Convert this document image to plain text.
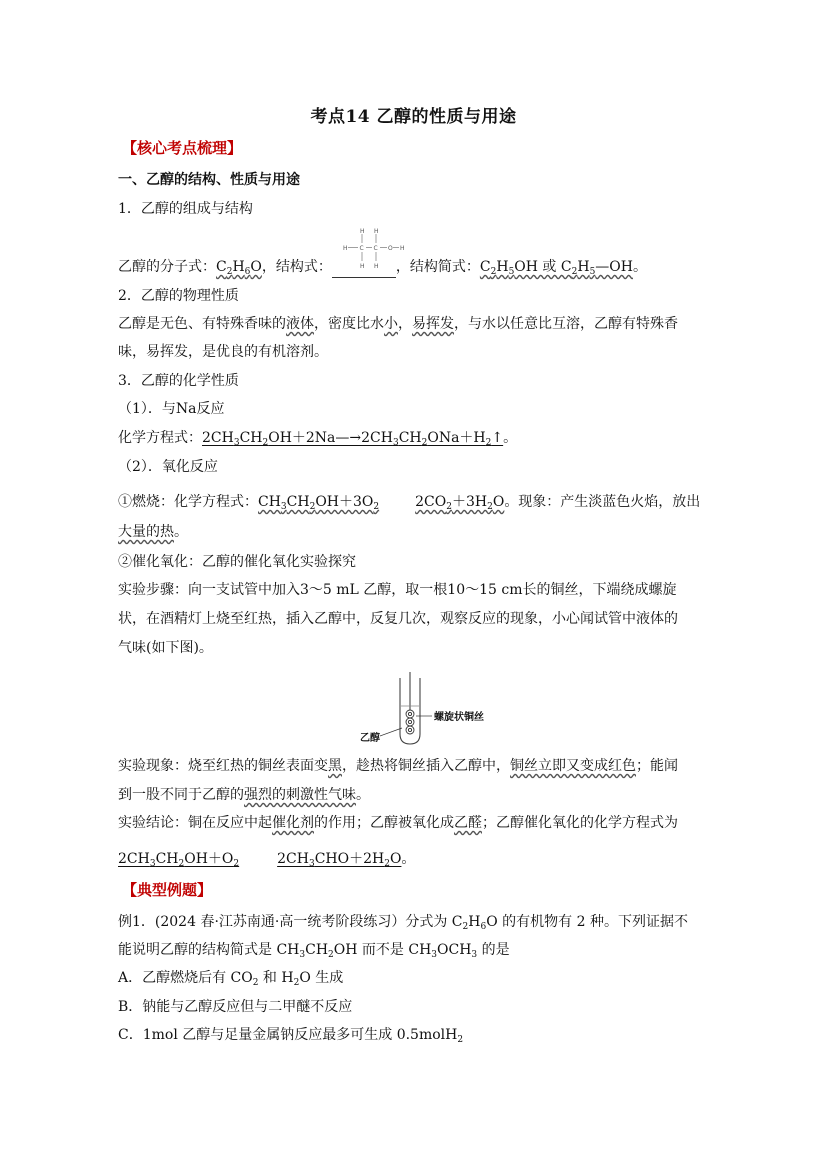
考点14 乙醇的性质与用途
【核心考点梳理】
一、乙醇的结构、性质与用途
1．乙醇的组成与结构
H H
H C C O H
H H
乙醇的分子式：$C_2H_6O$，结构式：	，结构简式：$C_2H_5OH$ 或 $C_2H_5—OH$。
2．乙醇的物理性质
乙醇是无色、有特殊香味的液体，密度比水小，易挥发，与水以任意比互溶，乙醇有特殊香
味，易挥发，是优良的有机溶剂。
3．乙醇的化学性质
（1）．与Na反应
化学方程式：$2CH_3CH_2OH+2Na—\to 2CH_3CH_2ONa+H_2↑$。
（2）．氧化反应
①燃烧：化学方程式：$CH_3CH_2OH+3O_2$	$2CO_2+3H_2O$。现象：产生淡蓝色火焰，放出
大量的热。
②催化氧化：乙醇的催化氧化实验探究
实验步骤：向一支试管中加入3～5 mL 乙醇，取一根10～15 cm长的铜丝，下端绕成螺旋
状，在酒精灯上烧至红热，插入乙醇中，反复几次，观察反应的现象，小心闻试管中液体的
气味(如下图)。
螺旋状铜丝
乙醇
实验现象：烧至红热的铜丝表面变黑，趁热将铜丝插入乙醇中，铜丝立即又变成红色；能闻
到一股不同于乙醇的强烈的刺激性气味。
实验结论：铜在反应中起催化剂的作用；乙醇被氧化成乙醛；乙醇催化氧化的化学方程式为
$2CH_3CH_2OH+O_2$	$2CH_3CHO+2H_2O$。
【典型例题】
例1．(2024 春·江苏南通·高一统考阶段练习）分式为 $C_2H_6O$ 的有机物有 2 种。下列证据不
能说明乙醇的结构简式是 $CH_3CH_2OH$ 而不是 $CH_3OCH_3$ 的是
A．乙醇燃烧后有 $CO_2$ 和 $H_2O$ 生成
B．钠能与乙醇反应但与二甲醚不反应
C．1mol 乙醇与足量金属钠反应最多可生成 0.5molH$_2$
